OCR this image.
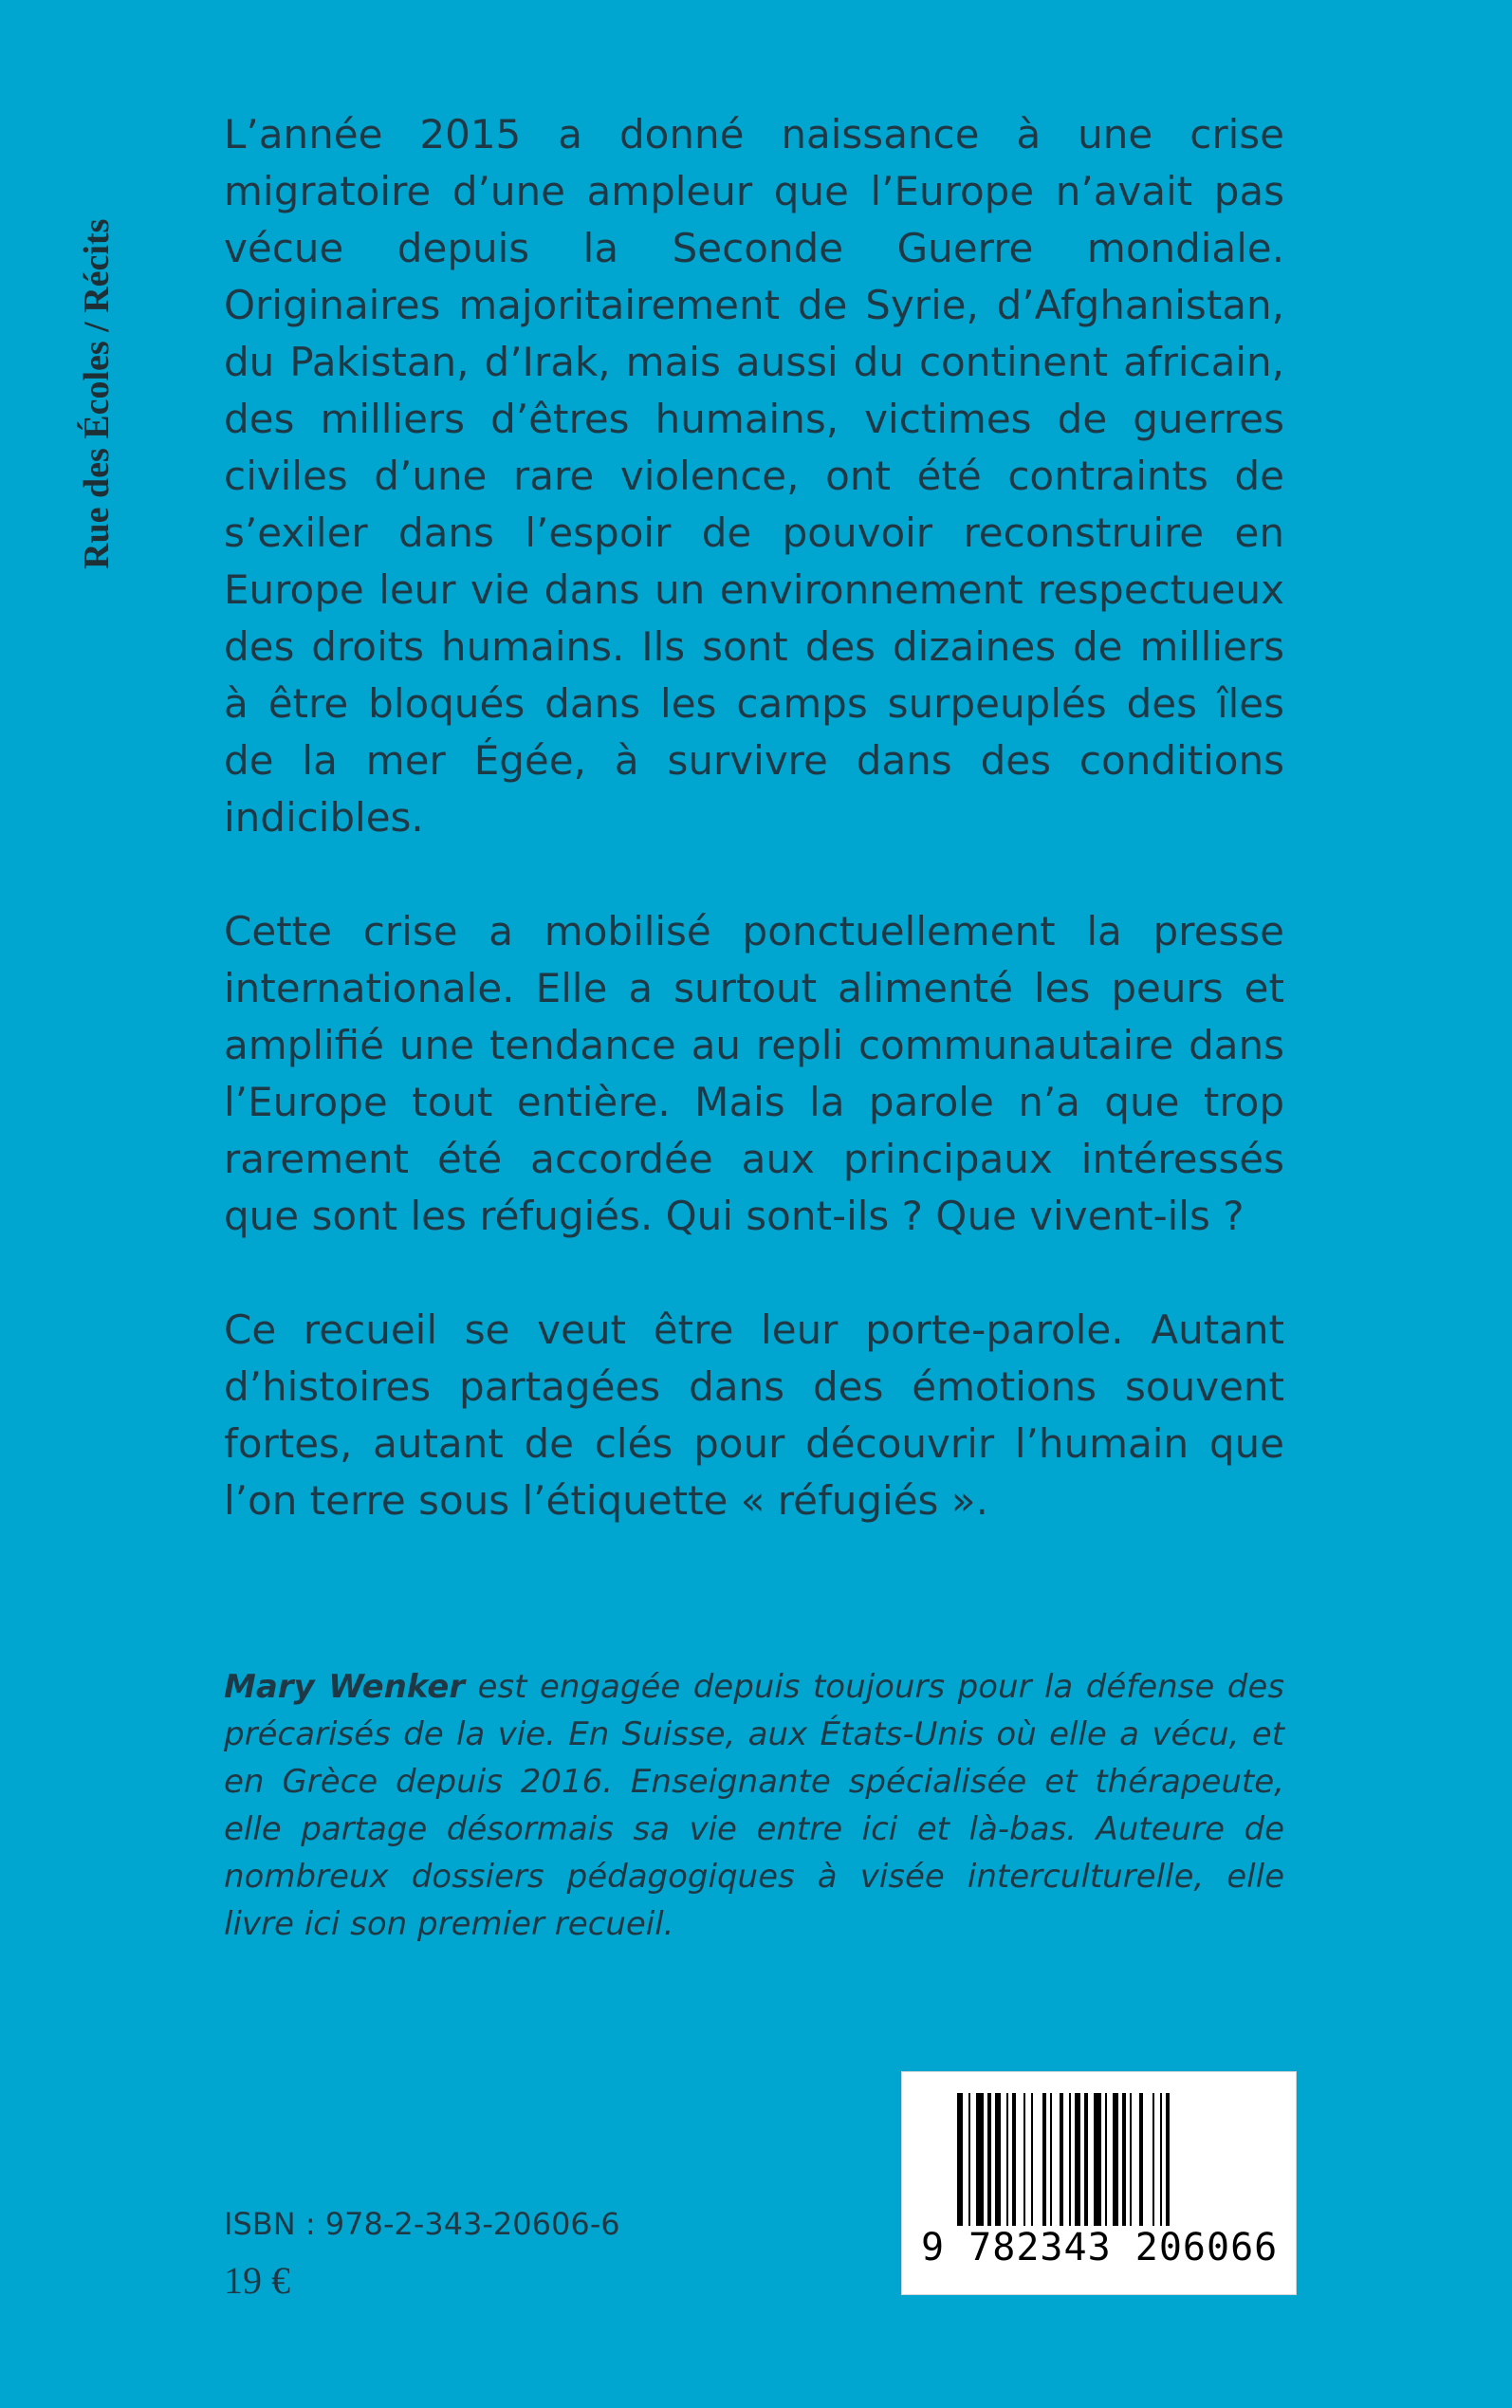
Rue des Écoles / Récits

L’année 2015 a donné naissance à une crise migratoire d’une ampleur que l’Europe n’avait pas vécue depuis la Seconde Guerre mondiale. Originaires majoritairement de Syrie, d’Afghanistan, du Pakistan, d’Irak, mais aussi du continent africain, des milliers d’êtres humains, victimes de guerres civiles d’une rare violence, ont été contraints de s’exiler dans l’espoir de pouvoir reconstruire en Europe leur vie dans un environnement respectueux des droits humains. Ils sont des dizaines de milliers à être bloqués dans les camps surpeuplés des îles de la mer Égée, à survivre dans des conditions indicibles.

Cette crise a mobilisé ponctuellement la presse internationale. Elle a surtout alimenté les peurs et amplifié une tendance au repli communautaire dans l’Europe tout entière. Mais la parole n’a que trop rarement été accordée aux principaux intéressés que sont les réfugiés. Qui sont-ils ? Que vivent-ils ?

Ce recueil se veut être leur porte-parole. Autant d’histoires partagées dans des émotions souvent fortes, autant de clés pour découvrir l’humain que l’on terre sous l’étiquette « réfugiés ».

Mary Wenker est engagée depuis toujours pour la défense des précarisés de la vie. En Suisse, aux États-Unis où elle a vécu, et en Grèce depuis 2016. Enseignante spécialisée et thérapeute, elle partage désormais sa vie entre ici et là-bas. Auteure de nombreux dossiers pédagogiques à visée interculturelle, elle livre ici son premier recueil.
ISBN : 978-2-343-20606-6
19 €
9 782343 206066
